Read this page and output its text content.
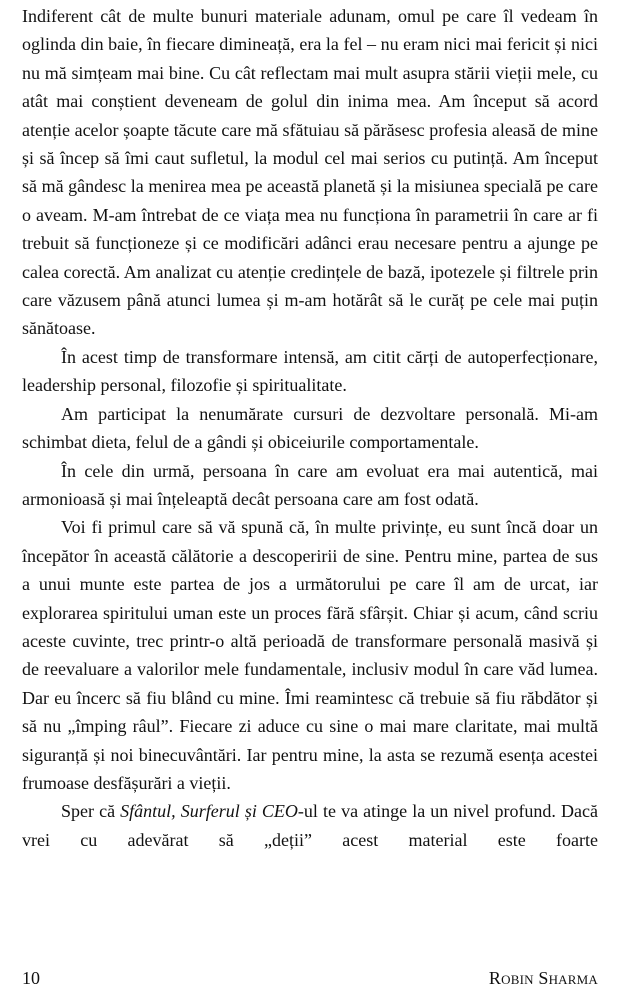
Indiferent cât de multe bunuri materiale adunam, omul pe care îl vedeam în oglinda din baie, în fiecare dimineață, era la fel – nu eram nici mai fericit și nici nu mă simțeam mai bine. Cu cât reflectam mai mult asupra stării vieții mele, cu atât mai conștient deveneam de golul din inima mea. Am început să acord atenție acelor șoapte tăcute care mă sfătuiau să părăsesc profesia aleasă de mine și să încep să îmi caut sufletul, la modul cel mai serios cu putință. Am început să mă gândesc la menirea mea pe această planetă și la misiunea specială pe care o aveam. M-am întrebat de ce viața mea nu funcționa în parametrii în care ar fi trebuit să funcționeze și ce modificări adânci erau necesare pentru a ajunge pe calea corectă. Am analizat cu atenție credințele de bază, ipotezele și filtrele prin care văzusem până atunci lumea și m-am hotărât să le curăț pe cele mai puțin sănătoase.

În acest timp de transformare intensă, am citit cărți de autoperfecționare, leadership personal, filozofie și spiritualitate.

Am participat la nenumărate cursuri de dezvoltare personală. Mi-am schimbat dieta, felul de a gândi și obiceiurile comportamentale.

În cele din urmă, persoana în care am evoluat era mai autentică, mai armonioasă și mai înțeleaptă decât persoana care am fost odată.

Voi fi primul care să vă spună că, în multe privințe, eu sunt încă doar un începător în această călătorie a descoperirii de sine. Pentru mine, partea de sus a unui munte este partea de jos a următorului pe care îl am de urcat, iar explorarea spiritului uman este un proces fără sfârșit. Chiar și acum, când scriu aceste cuvinte, trec printr-o altă perioadă de transformare personală masivă și de reevaluare a valorilor mele fundamentale, inclusiv modul în care văd lumea. Dar eu încerc să fiu blând cu mine. Îmi reamintesc că trebuie să fiu răbdător și să nu „împing râul”. Fiecare zi aduce cu sine o mai mare claritate, mai multă siguranță și noi binecuvântări. Iar pentru mine, la asta se rezumă esența acestei frumoase desfășurări a vieții.

Sper că Sfântul, Surferul și CEO-ul te va atinge la un nivel profund. Dacă vrei cu adevărat să „deții” acest material este foarte

10	Robin Sharma
